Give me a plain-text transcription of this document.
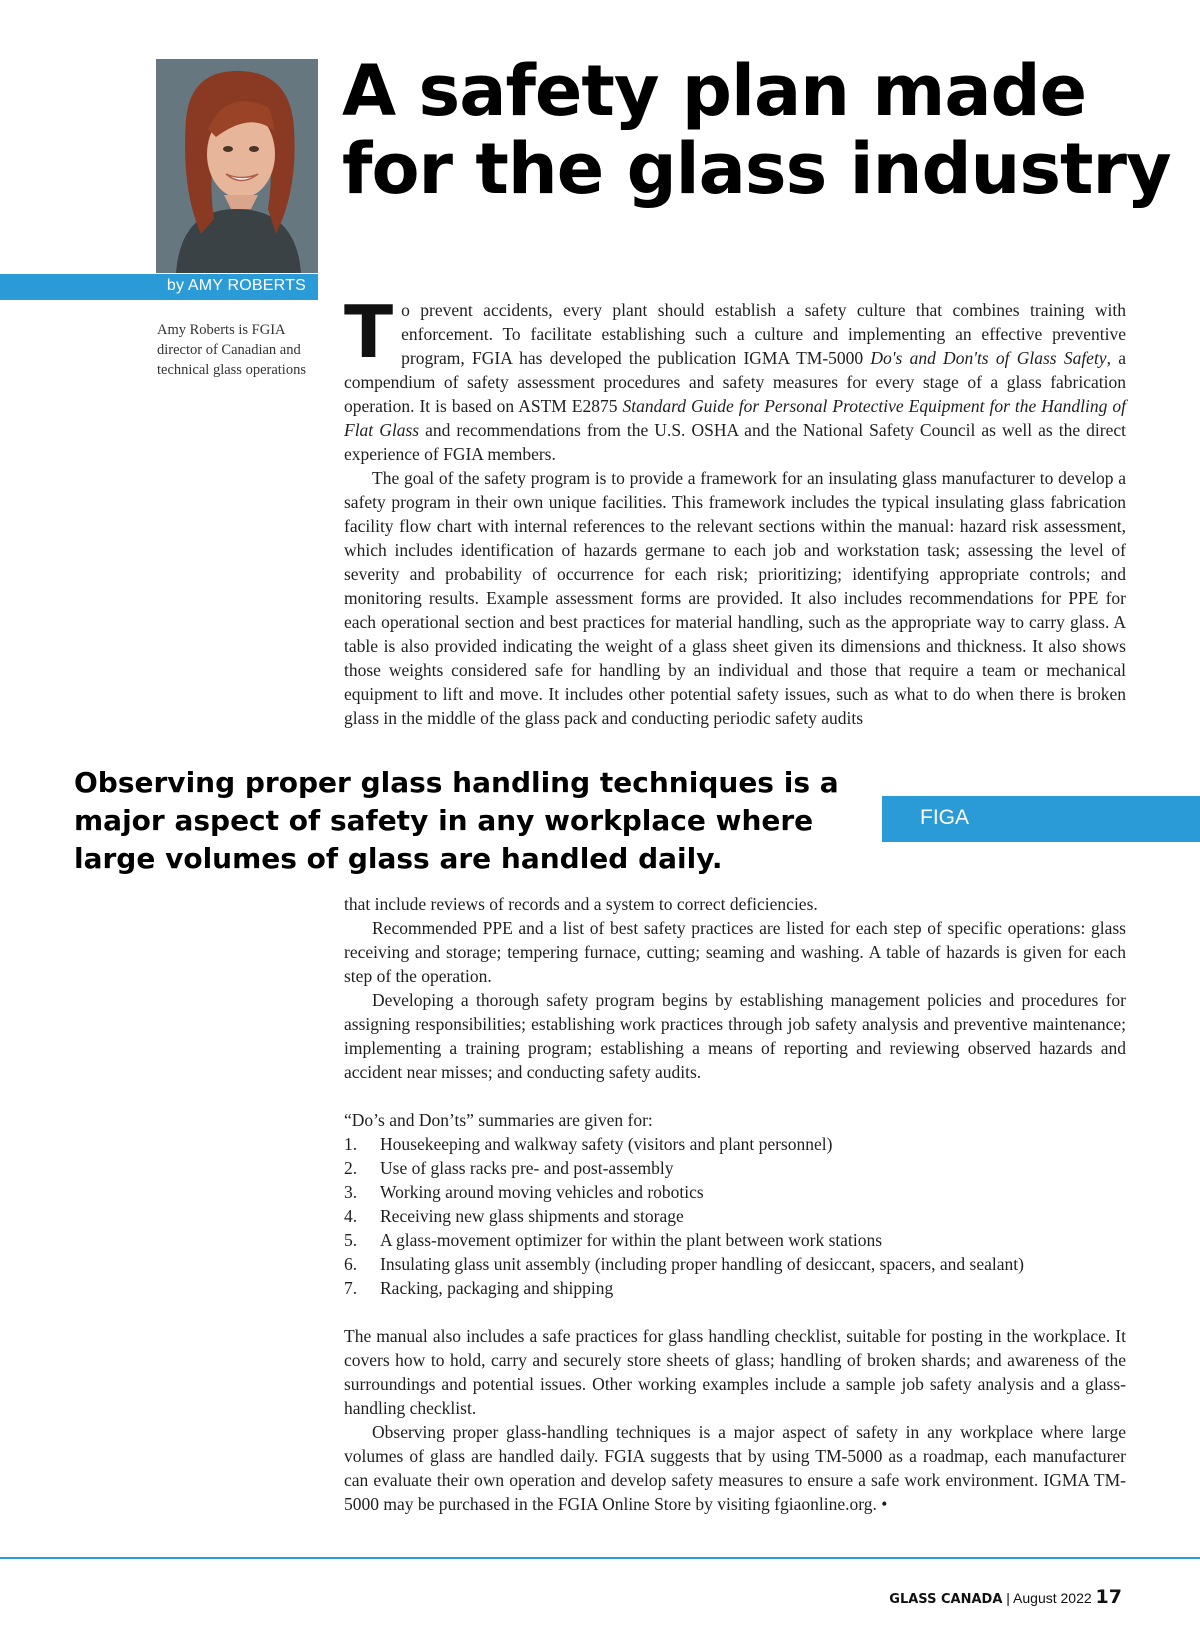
by AMY ROBERTS
Amy Roberts is FGIA director of Canadian and technical glass operations
A safety plan made for the glass industry

To prevent accidents, every plant should establish a safety culture that combines training with enforcement. To facilitate establishing such a culture and implementing an effective preventive program, FGIA has developed the publication IGMA TM-5000 Do's and Don'ts of Glass Safety, a compendium of safety assessment procedures and safety measures for every stage of a glass fabrication operation. It is based on ASTM E2875 Standard Guide for Personal Protective Equipment for the Handling of Flat Glass and recommendations from the U.S. OSHA and the National Safety Council as well as the direct experience of FGIA members.

The goal of the safety program is to provide a framework for an insulating glass manufacturer to develop a safety program in their own unique facilities. This framework includes the typical insulating glass fabrication facility flow chart with internal references to the relevant sections within the manual: hazard risk assessment, which includes identification of hazards germane to each job and workstation task; assessing the level of severity and probability of occurrence for each risk; prioritizing; identifying appropriate controls; and monitoring results. Example assessment forms are provided. It also includes recommendations for PPE for each operational section and best practices for material handling, such as the appropriate way to carry glass. A table is also provided indicating the weight of a glass sheet given its dimensions and thickness. It also shows those weights considered safe for handling by an individual and those that require a team or mechanical equipment to lift and move. It includes other potential safety issues, such as what to do when there is broken glass in the middle of the glass pack and conducting periodic safety audits

Observing proper glass handling techniques is a major aspect of safety in any workplace where large volumes of glass are handled daily.

FIGA

that include reviews of records and a system to correct deficiencies.

Recommended PPE and a list of best safety practices are listed for each step of specific operations: glass receiving and storage; tempering furnace, cutting; seaming and washing. A table of hazards is given for each step of the operation.

Developing a thorough safety program begins by establishing management policies and procedures for assigning responsibilities; establishing work practices through job safety analysis and preventive maintenance; implementing a training program; establishing a means of reporting and reviewing observed hazards and accident near misses; and conducting safety audits.

“Do’s and Don’ts” summaries are given for:

1. Housekeeping and walkway safety (visitors and plant personnel)
2. Use of glass racks pre- and post-assembly
3. Working around moving vehicles and robotics
4. Receiving new glass shipments and storage
5. A glass-movement optimizer for within the plant between work stations
6. Insulating glass unit assembly (including proper handling of desiccant, spacers, and sealant)
7. Racking, packaging and shipping

The manual also includes a safe practices for glass handling checklist, suitable for posting in the workplace. It covers how to hold, carry and securely store sheets of glass; handling of broken shards; and awareness of the surroundings and potential issues. Other working examples include a sample job safety analysis and a glass-handling checklist.

Observing proper glass-handling techniques is a major aspect of safety in any workplace where large volumes of glass are handled daily. FGIA suggests that by using TM-5000 as a roadmap, each manufacturer can evaluate their own operation and develop safety measures to ensure a safe work environment. IGMA TM-5000 may be purchased in the FGIA Online Store by visiting fgiaonline.org. •

GLASS CANADA | August 2022 17
